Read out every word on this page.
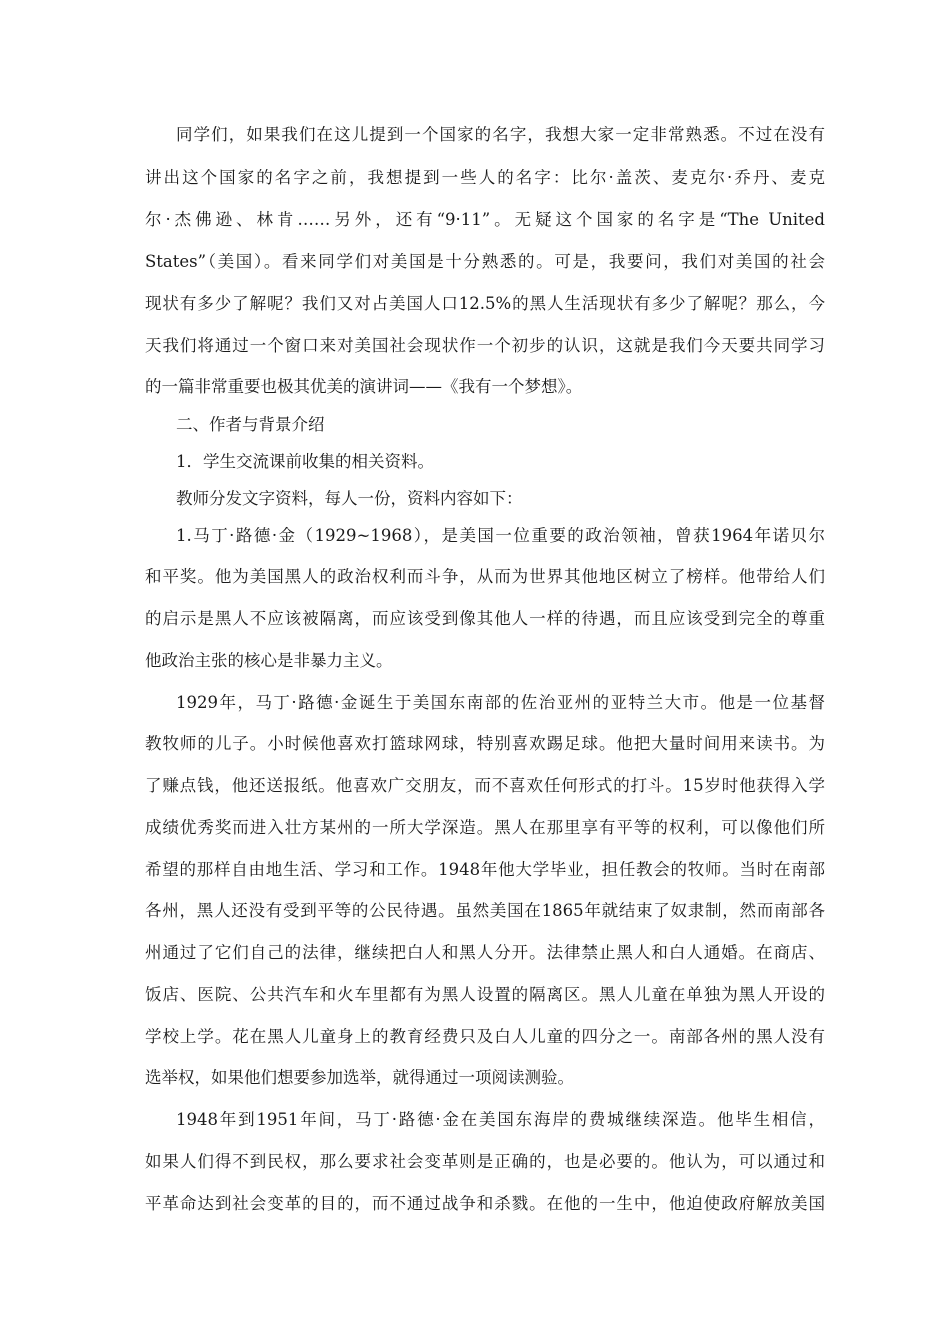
同学们，如果我们在这儿提到一个国家的名字，我想大家一定非常熟悉。不过在没有
讲出这个国家的名字之前，我想提到一些人的名字：比尔·盖茨、麦克尔·乔丹、麦克
尔·杰佛逊、林肯……另外，还有“9·11”。无疑这个国家的名字是“The United
States”（美国）。看来同学们对美国是十分熟悉的。可是，我要问，我们对美国的社会
现状有多少了解呢？我们又对占美国人口12.5%的黑人生活现状有多少了解呢？那么，今
天我们将通过一个窗口来对美国社会现状作一个初步的认识，这就是我们今天要共同学习
的一篇非常重要也极其优美的演讲词——《我有一个梦想》。
二、作者与背景介绍
1．学生交流课前收集的相关资料。
教师分发文字资料，每人一份，资料内容如下：
1.马丁·路德·金（1929~1968），是美国一位重要的政治领袖，曾获1964年诺贝尔
和平奖。他为美国黑人的政治权利而斗争，从而为世界其他地区树立了榜样。他带给人们
的启示是黑人不应该被隔离，而应该受到像其他人一样的待遇，而且应该受到完全的尊重
他政治主张的核心是非暴力主义。
1929年，马丁·路德·金诞生于美国东南部的佐治亚州的亚特兰大市。他是一位基督
教牧师的儿子。小时候他喜欢打篮球网球，特别喜欢踢足球。他把大量时间用来读书。为
了赚点钱，他还送报纸。他喜欢广交朋友，而不喜欢任何形式的打斗。15岁时他获得入学
成绩优秀奖而进入壮方某州的一所大学深造。黑人在那里享有平等的权利，可以像他们所
希望的那样自由地生活、学习和工作。1948年他大学毕业，担任教会的牧师。当时在南部
各州，黑人还没有受到平等的公民待遇。虽然美国在1865年就结束了奴隶制，然而南部各
州通过了它们自己的法律，继续把白人和黑人分开。法律禁止黑人和白人通婚。在商店、
饭店、医院、公共汽车和火车里都有为黑人设置的隔离区。黑人儿童在单独为黑人开设的
学校上学。花在黑人儿童身上的教育经费只及白人儿童的四分之一。南部各州的黑人没有
选举权，如果他们想要参加选举，就得通过一项阅读测验。
1948年到1951年间，马丁·路德·金在美国东海岸的费城继续深造。他毕生相信，
如果人们得不到民权，那么要求社会变革则是正确的，也是必要的。他认为，可以通过和
平革命达到社会变革的目的，而不通过战争和杀戮。在他的一生中，他迫使政府解放美国
